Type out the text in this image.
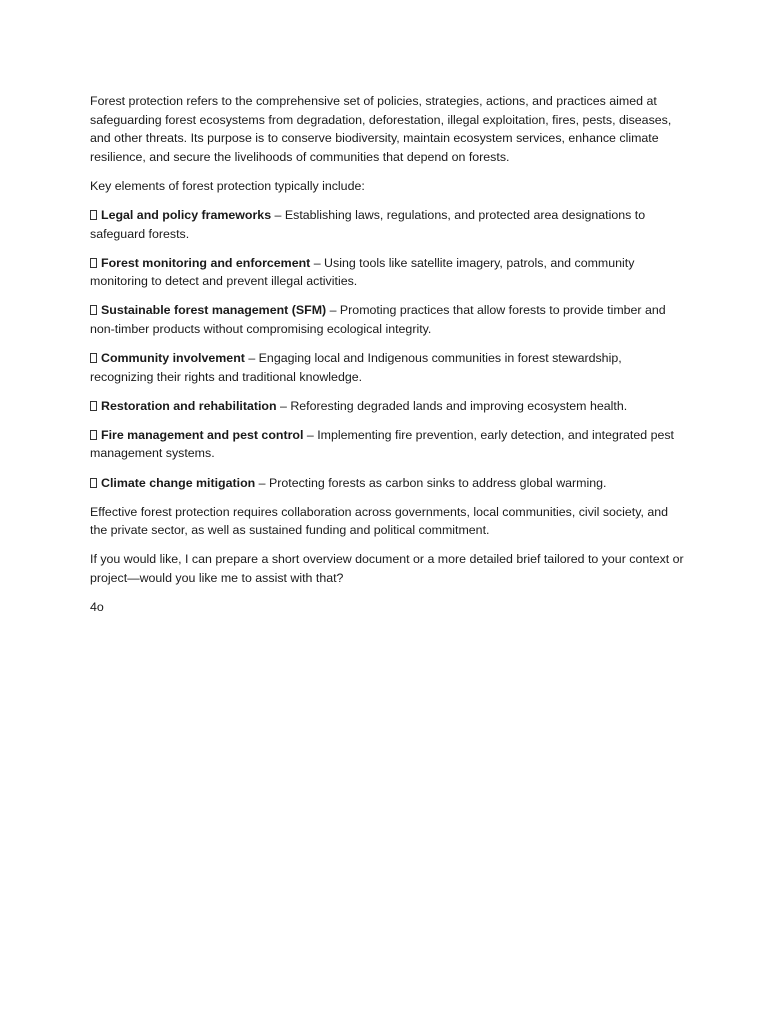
Forest protection refers to the comprehensive set of policies, strategies, actions, and practices aimed at safeguarding forest ecosystems from degradation, deforestation, illegal exploitation, fires, pests, diseases, and other threats. Its purpose is to conserve biodiversity, maintain ecosystem services, enhance climate resilience, and secure the livelihoods of communities that depend on forests.

Key elements of forest protection typically include:

Legal and policy frameworks – Establishing laws, regulations, and protected area designations to safeguard forests.

Forest monitoring and enforcement – Using tools like satellite imagery, patrols, and community monitoring to detect and prevent illegal activities.

Sustainable forest management (SFM) – Promoting practices that allow forests to provide timber and non-timber products without compromising ecological integrity.

Community involvement – Engaging local and Indigenous communities in forest stewardship, recognizing their rights and traditional knowledge.

Restoration and rehabilitation – Reforesting degraded lands and improving ecosystem health.

Fire management and pest control – Implementing fire prevention, early detection, and integrated pest management systems.

Climate change mitigation – Protecting forests as carbon sinks to address global warming.

Effective forest protection requires collaboration across governments, local communities, civil society, and the private sector, as well as sustained funding and political commitment.

If you would like, I can prepare a short overview document or a more detailed brief tailored to your context or project—would you like me to assist with that?

4o
